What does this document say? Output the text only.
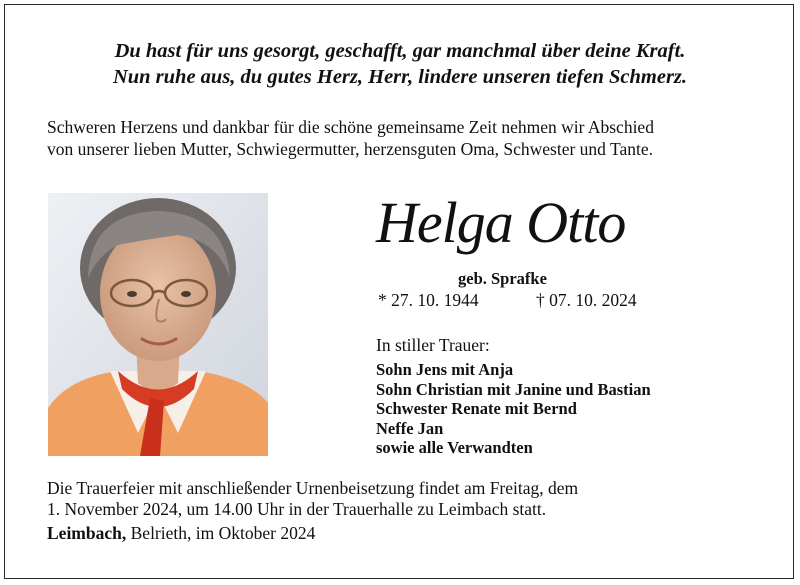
Du hast für uns gesorgt, geschafft, gar manchmal über deine Kraft.
Nun ruhe aus, du gutes Herz, Herr, lindere unseren tiefen Schmerz.
Schweren Herzens und dankbar für die schöne gemeinsame Zeit nehmen wir Abschied
von unserer lieben Mutter, Schwiegermutter, herzensguten Oma, Schwester und Tante.
Helga Otto
geb. Sprafke
* 27. 10. 1944	† 07. 10. 2024
In stiller Trauer:
Sohn Jens mit Anja
Sohn Christian mit Janine und Bastian
Schwester Renate mit Bernd
Neffe Jan
sowie alle Verwandten
Die Trauerfeier mit anschließender Urnenbeisetzung findet am Freitag, dem
1. November 2024, um 14.00 Uhr in der Trauerhalle zu Leimbach statt.
Leimbach, Belrieth, im Oktober 2024
